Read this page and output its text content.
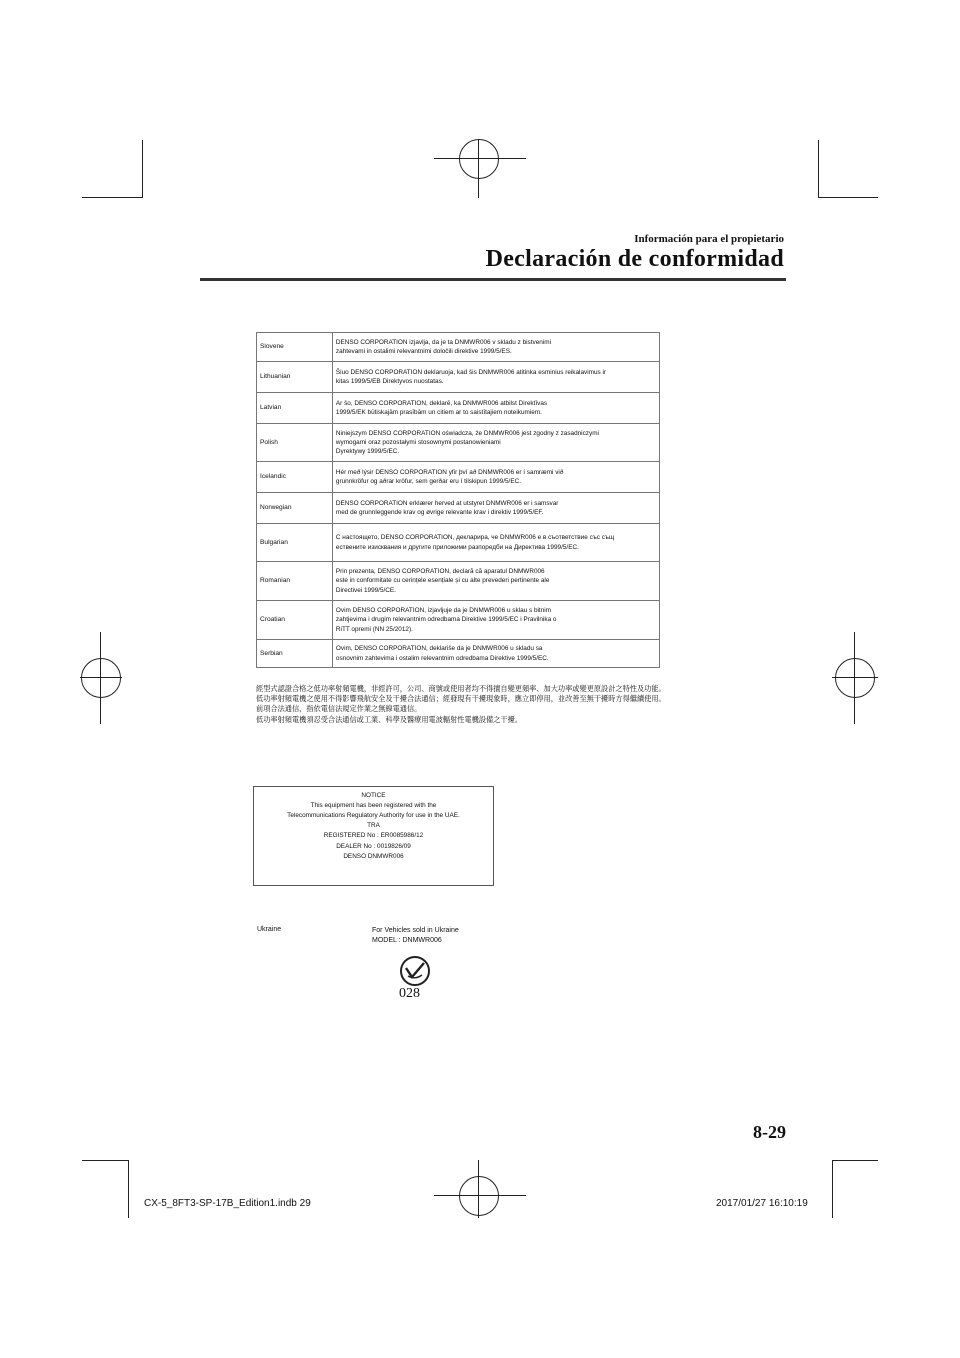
Información para el propietario
Declaración de conformidad
Slovene	DENSO CORPORATION izjavlja, da je ta DNMWR006 v skladu z bistvenimi
zahtevami in ostalimi relevantnimi določili direktive 1999/5/ES.

Lithuanian	Šiuo DENSO CORPORATION deklaruoja, kad šis DNMWR006 atitinka esminius reikalavimus ir
kitas 1999/5/EB Direktyvos nuostatas.

Latvian	Ar šo, DENSO CORPORATION, deklarē, ka DNMWR006 atbilst Direktīvas
1999/5/EK būtiskajām prasībām un citiem ar to saistītajiem noteikumiem.

Polish	Niniejszym DENSO CORPORATION oświadcza, że DNMWR006 jest zgodny z zasadniczymi
wymogami oraz pozostałymi stosownymi postanowieniami
Dyrektywy 1999/5/EC.

Icelandic	Hér með lýsir DENSO CORPORATION yfir því að DNMWR006 er í samræmi við
grunnkröfur og aðrar kröfur, sem gerðar eru í tilskipun 1999/5/EC.

Norwegian	DENSO CORPORATION erklærer herved at utstyret DNMWR006 er i samsvar
med de grunnleggende krav og øvrige relevante krav i direktiv 1999/5/EF.

Bulgarian	С настоящето, DENSO CORPORATION, декларира, че DNMWR006 е в съответствие със същ
ествените изисквания и другите приложими разпоредби на Директива 1999/5/ЕС.

Romanian	Prin prezenta, DENSO CORPORATION, declară că aparatul DNMWR006
este in conformitate cu cerințele esențiale și cu alte prevederi pertinente ale
Directivei 1999/5/CE.

Croatian	Ovim DENSO CORPORATION, izjavljuje da je DNMWR006 u sklau s bitnim
zahtjevima i drugim relevantnim odredbama Direktive 1999/5/EC i Pravilnika o
RiTT opremi (NN 25/2012).

Serbian	Ovim, DENSO CORPORATION, deklariše da je DNMWR006 u skladu sa
osnovnim zahtevima i ostalim relevantnim odredbama Direktive 1999/5/EC.
經型式認證合格之低功率射頻電機，非經許可，公司、商號或使用者均不得擅自變更頻率、加大功率或變更原設計之特性及功能。
低功率射頻電機之使用不得影響飛航安全及干擾合法通信；經發現有干擾現象時，應立即停用，並改善至無干擾時方得繼續使用。
前項合法通信，指依電信法規定作業之無線電通信。
低功率射頻電機須忍受合法通信或工業、科學及醫療用電波輻射性電機設備之干擾。
NOTICE
This equipment has been registered with the
Telecommunications Regulatory Authority for use in the UAE.
TRA
REGISTERED No : ER0085986/12
DEALER No : 0019826/09
DENSO DNMWR006
Ukraine	For Vehicles sold in Ukraine
MODEL : DNMWR006
028
8-29
CX-5_8FT3-SP-17B_Edition1.indb 29	2017/01/27 16:10:19
